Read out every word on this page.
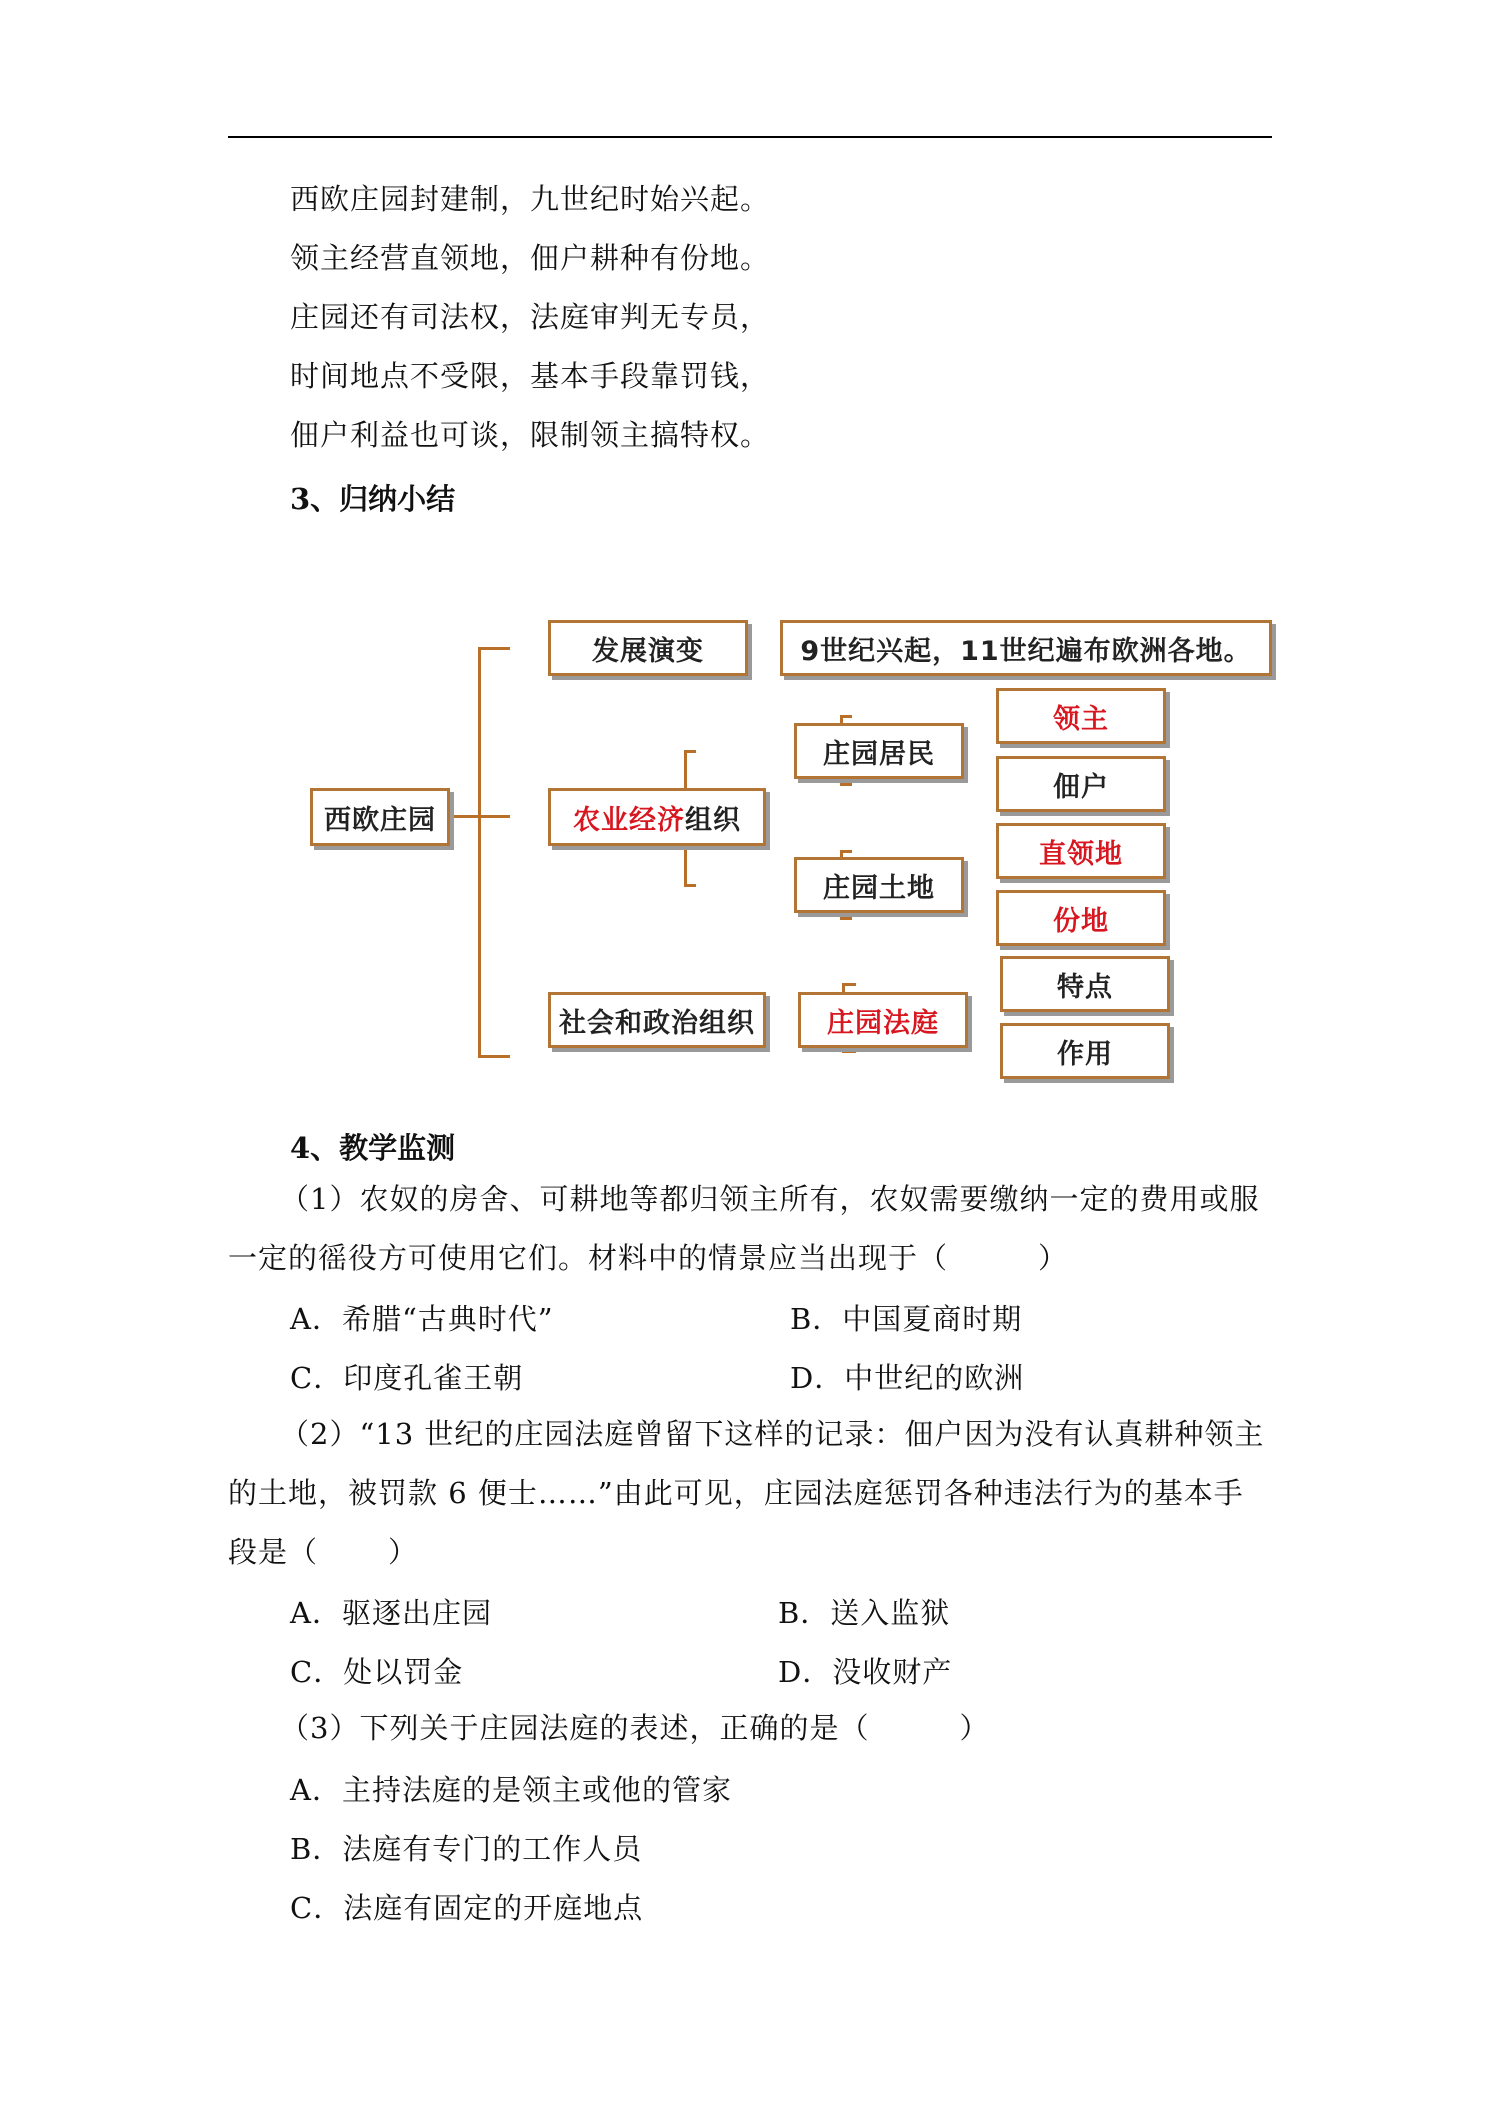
西欧庄园封建制，九世纪时始兴起。
领主经营直领地，佃户耕种有份地。
庄园还有司法权，法庭审判无专员，
时间地点不受限，基本手段靠罚钱，
佃户利益也可谈，限制领主搞特权。
3、归纳小结
西欧庄园
发展演变	9世纪兴起，11世纪遍布欧洲各地。
农业经济 组织
庄园居民
庄园土地
领主
佃户
直领地
份地
社会和政治组织	庄园法庭
特点
作用
4、教学监测
（1）农奴的房舍、可耕地等都归领主所有，农奴需要缴纳一定的费用或服一定的徭役方可使用它们。材料中的情景应当出现于（	）
A．希腊“古典时代”	B．中国夏商时期
C．印度孔雀王朝	D．中世纪的欧洲
（2）“13 世纪的庄园法庭曾留下这样的记录：佃户因为没有认真耕种领主的土地，被罚款 6 便士……”由此可见，庄园法庭惩罚各种违法行为的基本手段是（ ）
A．驱逐出庄园	B．送入监狱
C．处以罚金	D．没收财产
（3）下列关于庄园法庭的表述，正确的是（	）
A．主持法庭的是领主或他的管家
B．法庭有专门的工作人员
C．法庭有固定的开庭地点
